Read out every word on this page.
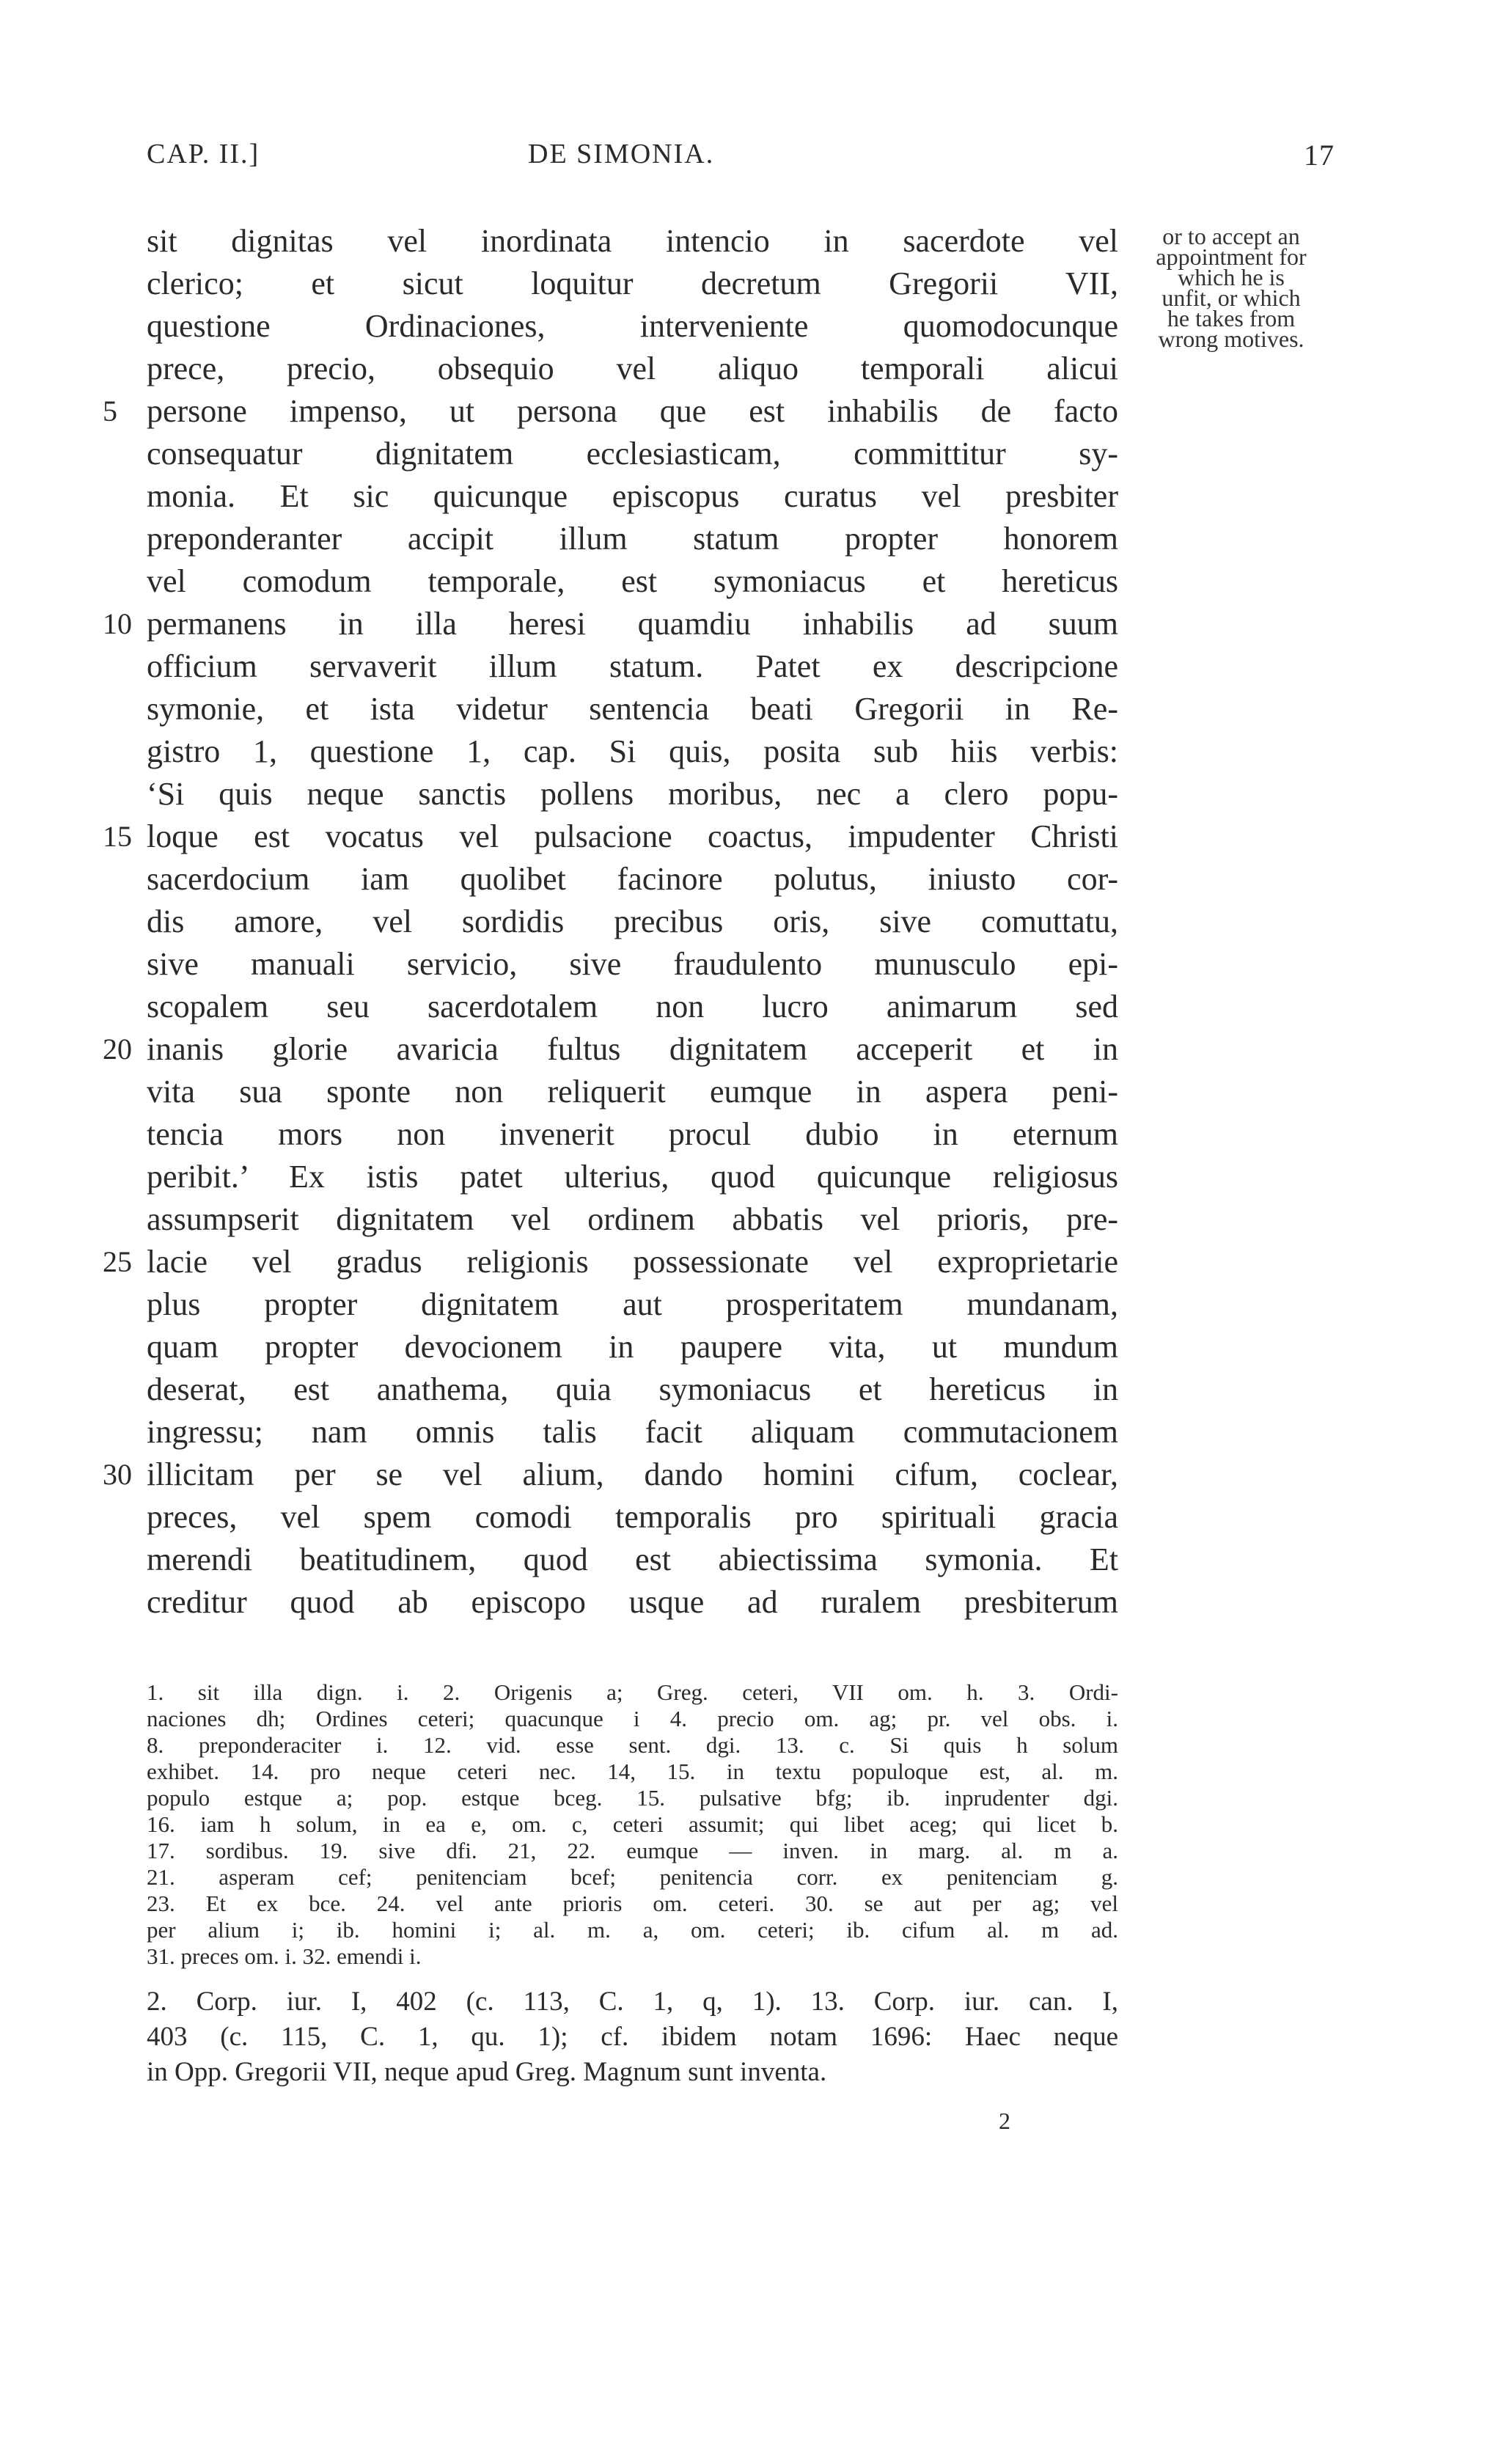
CAP. II.]	DE SIMONIA.	17
sit dignitas vel inordinata intencio in sacerdote vel
clerico; et sicut loquitur decretum Gregorii VII,
questione Ordinaciones, interveniente quomodocunque
prece, precio, obsequio vel aliquo temporali alicui
5 persone impenso, ut persona que est inhabilis de facto
consequatur dignitatem ecclesiasticam, committitur sy-
monia. Et sic quicunque episcopus curatus vel presbiter
preponderanter accipit illum statum propter honorem
vel comodum temporale, est symoniacus et hereticus
10 permanens in illa heresi quamdiu inhabilis ad suum
officium servaverit illum statum. Patet ex descripcione
symonie, et ista videtur sentencia beati Gregorii in Re-
gistro 1, questione 1, cap. Si quis, posita sub hiis verbis:
‘Si quis neque sanctis pollens moribus, nec a clero popu-
15 loque est vocatus vel pulsacione coactus, impudenter Christi
sacerdocium iam quolibet facinore polutus, iniusto cor-
dis amore, vel sordidis precibus oris, sive comuttatu,
sive manuali servicio, sive fraudulento munusculo epi-
scopalem seu sacerdotalem non lucro animarum sed
20 inanis glorie avaricia fultus dignitatem acceperit et in
vita sua sponte non reliquerit eumque in aspera peni-
tencia mors non invenerit procul dubio in eternum
peribit.’ Ex istis patet ulterius, quod quicunque religiosus
assumpserit dignitatem vel ordinem abbatis vel prioris, pre-
25 lacie vel gradus religionis possessionate vel exproprietarie
plus propter dignitatem aut prosperitatem mundanam,
quam propter devocionem in paupere vita, ut mundum
deserat, est anathema, quia symoniacus et hereticus in
ingressu; nam omnis talis facit aliquam commutacionem
30 illicitam per se vel alium, dando homini cifum, coclear,
preces, vel spem comodi temporalis pro spirituali gracia
merendi beatitudinem, quod est abiectissima symonia. Et
creditur quod ab episcopo usque ad ruralem presbiterum
or to accept an
appointment for
which he is
unfit, or which
he takes from
wrong motives.
1. sit illa dign. i. 2. Origenis a; Greg. ceteri, VII om. h. 3. Ordi-
naciones dh; Ordines ceteri; quacunque i 4. precio om. ag; pr. vel obs. i.
8. preponderaciter i. 12. vid. esse sent. dgi. 13. c. Si quis h solum
exhibet. 14. pro neque ceteri nec. 14, 15. in textu populoque est, al. m.
populo estque a; pop. estque bceg. 15. pulsative bfg; ib. inprudenter dgi.
16. iam h solum, in ea e, om. c, ceteri assumit; qui libet aceg; qui licet b.
17. sordibus. 19. sive dfi. 21, 22. eumque — inven. in marg. al. m a.
21. asperam cef; penitenciam bcef; penitencia corr. ex penitenciam g.
23. Et ex bce. 24. vel ante prioris om. ceteri. 30. se aut per ag; vel
per alium i; ib. homini i; al. m. a, om. ceteri; ib. cifum al. m ad.
31. preces om. i. 32. emendi i.
2. Corp. iur. I, 402 (c. 113, C. 1, q, 1). 13. Corp. iur. can. I,
403 (c. 115, C. 1, qu. 1); cf. ibidem notam 1696: Haec neque
in Opp. Gregorii VII, neque apud Greg. Magnum sunt inventa.
2
